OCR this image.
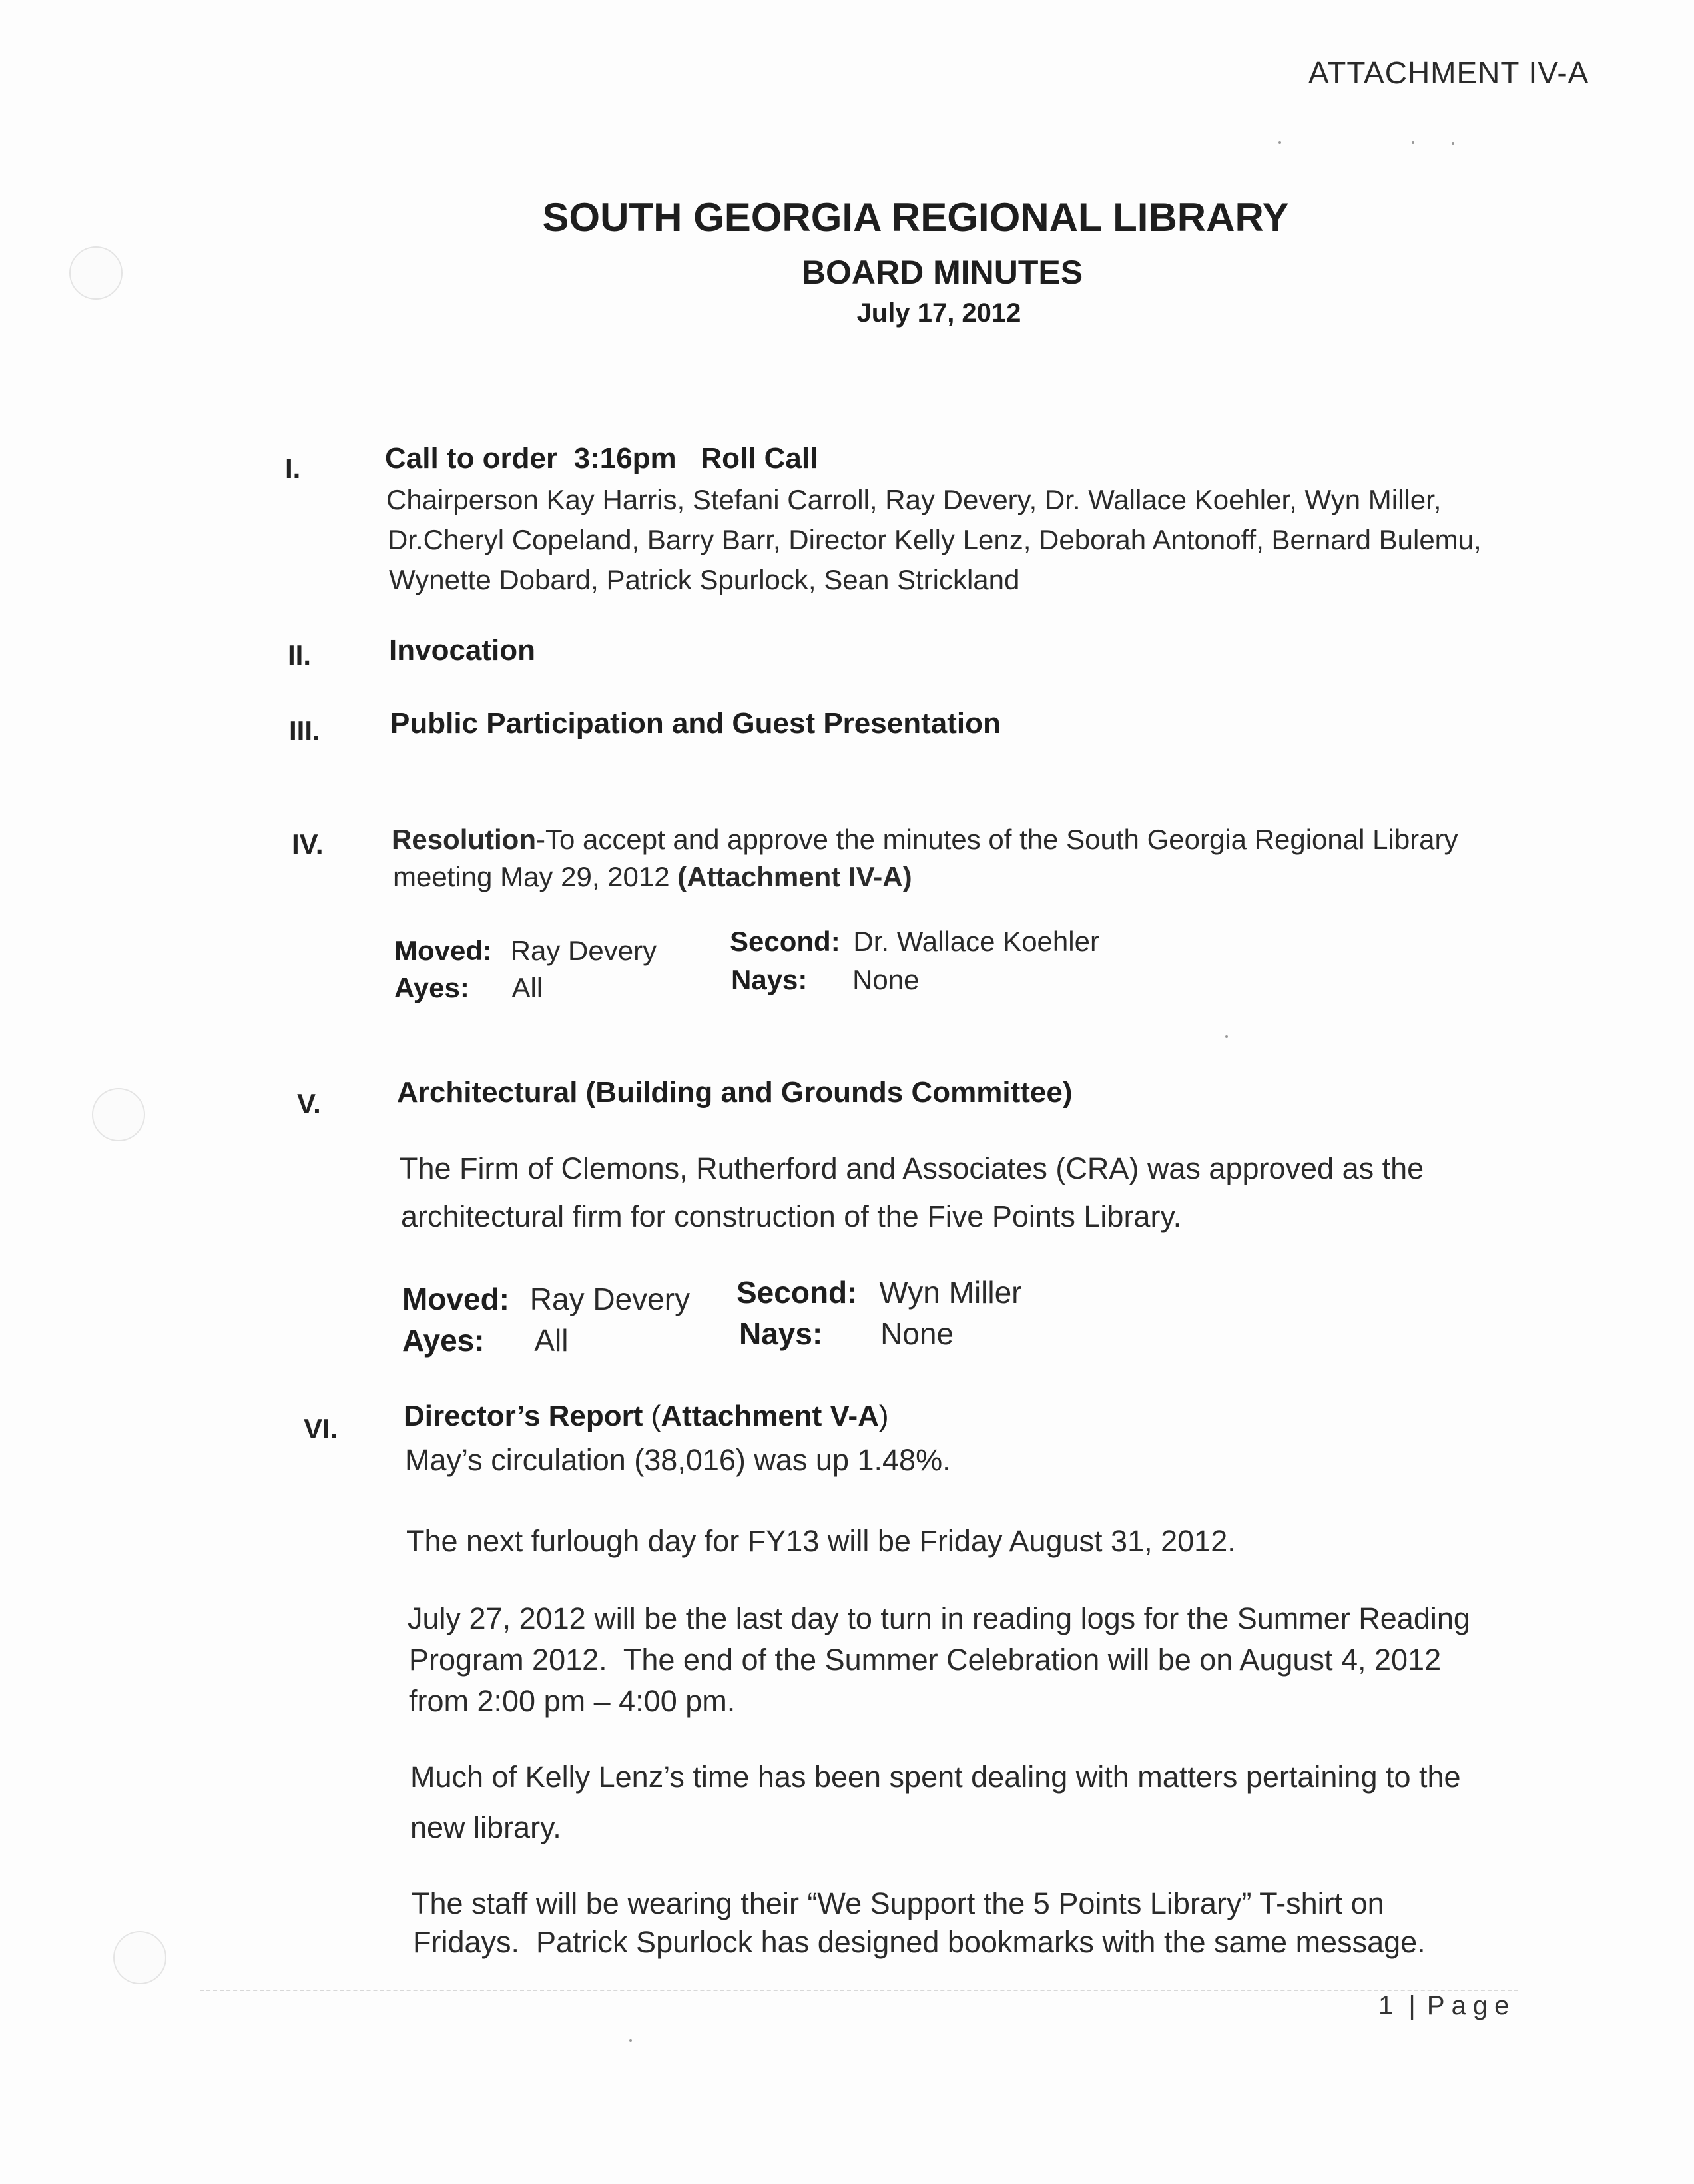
ATTACHMENT IV-A
SOUTH GEORGIA REGIONAL LIBRARY
BOARD MINUTES
July 17, 2012
I.	Call to order  3:16pm   Roll Call
Chairperson Kay Harris, Stefani Carroll, Ray Devery, Dr. Wallace Koehler, Wyn Miller,
Dr.Cheryl Copeland, Barry Barr, Director Kelly Lenz, Deborah Antonoff, Bernard Bulemu,
Wynette Dobard, Patrick Spurlock, Sean Strickland
II.	Invocation
III. Public Participation and Guest Presentation
IV. Resolution-To accept and approve the minutes of the South Georgia Regional Library
meeting May 29, 2012 (Attachment IV-A)
Moved: Ray Devery	Second: Dr. Wallace Koehler
Ayes: All	Nays: None
V.	Architectural (Building and Grounds Committee)
The Firm of Clemons, Rutherford and Associates (CRA) was approved as the
architectural firm for construction of the Five Points Library.
Moved: Ray Devery Second: Wyn Miller
Ayes: All	Nays: None
VI. Director’s Report (Attachment V-A)
May’s circulation (38,016) was up 1.48%.
The next furlough day for FY13 will be Friday August 31, 2012.
July 27, 2012 will be the last day to turn in reading logs for the Summer Reading
Program 2012.  The end of the Summer Celebration will be on August 4, 2012
from 2:00 pm – 4:00 pm.
Much of Kelly Lenz’s time has been spent dealing with matters pertaining to the
new library.
The staff will be wearing their “We Support the 5 Points Library” T-shirt on
Fridays.  Patrick Spurlock has designed bookmarks with the same message.
1 | Page
